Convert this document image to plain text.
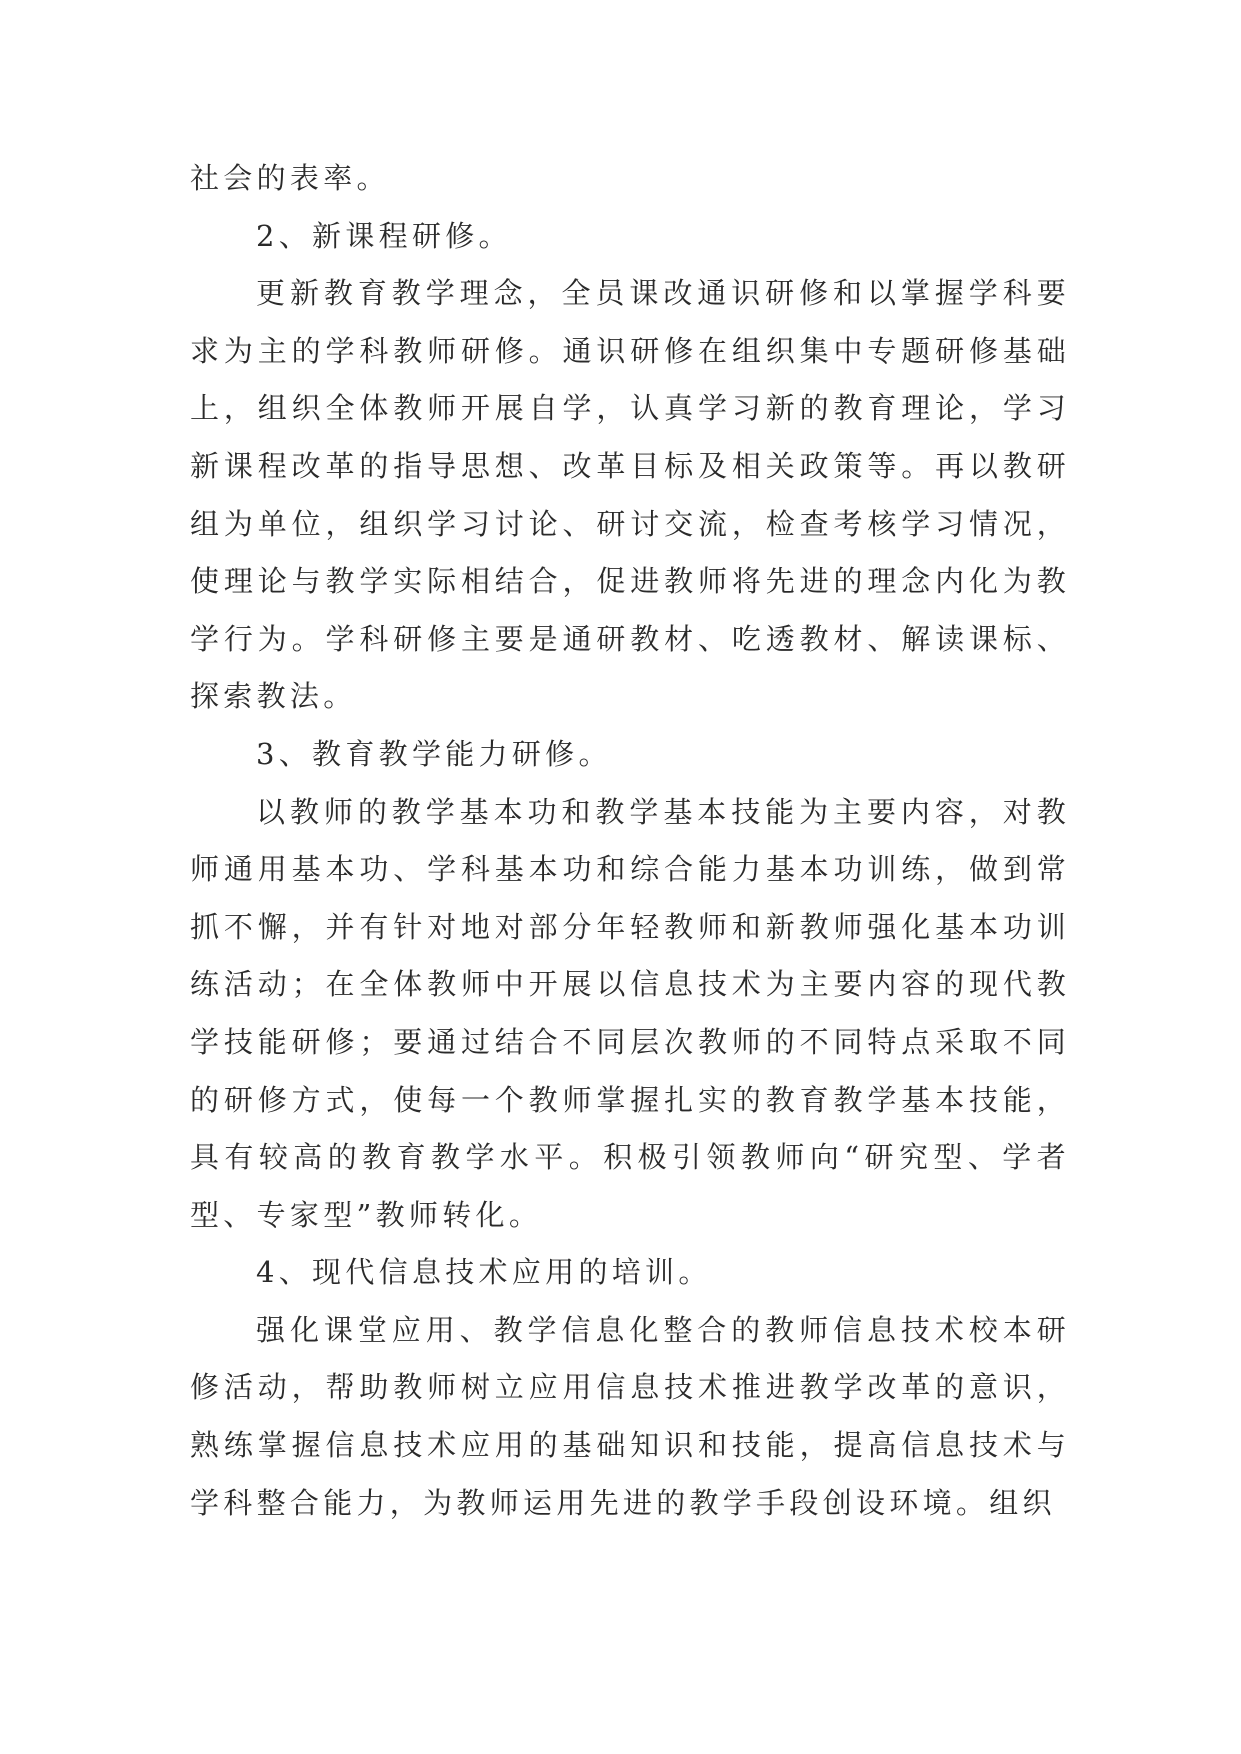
社会的表率。

2、新课程研修。

更新教育教学理念，全员课改通识研修和以掌握学科要求为主的学科教师研修。通识研修在组织集中专题研修基础上，组织全体教师开展自学，认真学习新的教育理论，学习新课程改革的指导思想、改革目标及相关政策等。再以教研组为单位，组织学习讨论、研讨交流，检查考核学习情况，使理论与教学实际相结合，促进教师将先进的理念内化为教学行为。学科研修主要是通研教材、吃透教材、解读课标、探索教法。

3、教育教学能力研修。

以教师的教学基本功和教学基本技能为主要内容，对教师通用基本功、学科基本功和综合能力基本功训练，做到常抓不懈，并有针对地对部分年轻教师和新教师强化基本功训练活动；在全体教师中开展以信息技术为主要内容的现代教学技能研修；要通过结合不同层次教师的不同特点采取不同的研修方式，使每一个教师掌握扎实的教育教学基本技能，具有较高的教育教学水平。积极引领教师向“研究型、学者型、专家型”教师转化。

4、现代信息技术应用的培训。

强化课堂应用、教学信息化整合的教师信息技术校本研修活动，帮助教师树立应用信息技术推进教学改革的意识，熟练掌握信息技术应用的基础知识和技能，提高信息技术与学科整合能力，为教师运用先进的教学手段创设环境。组织
